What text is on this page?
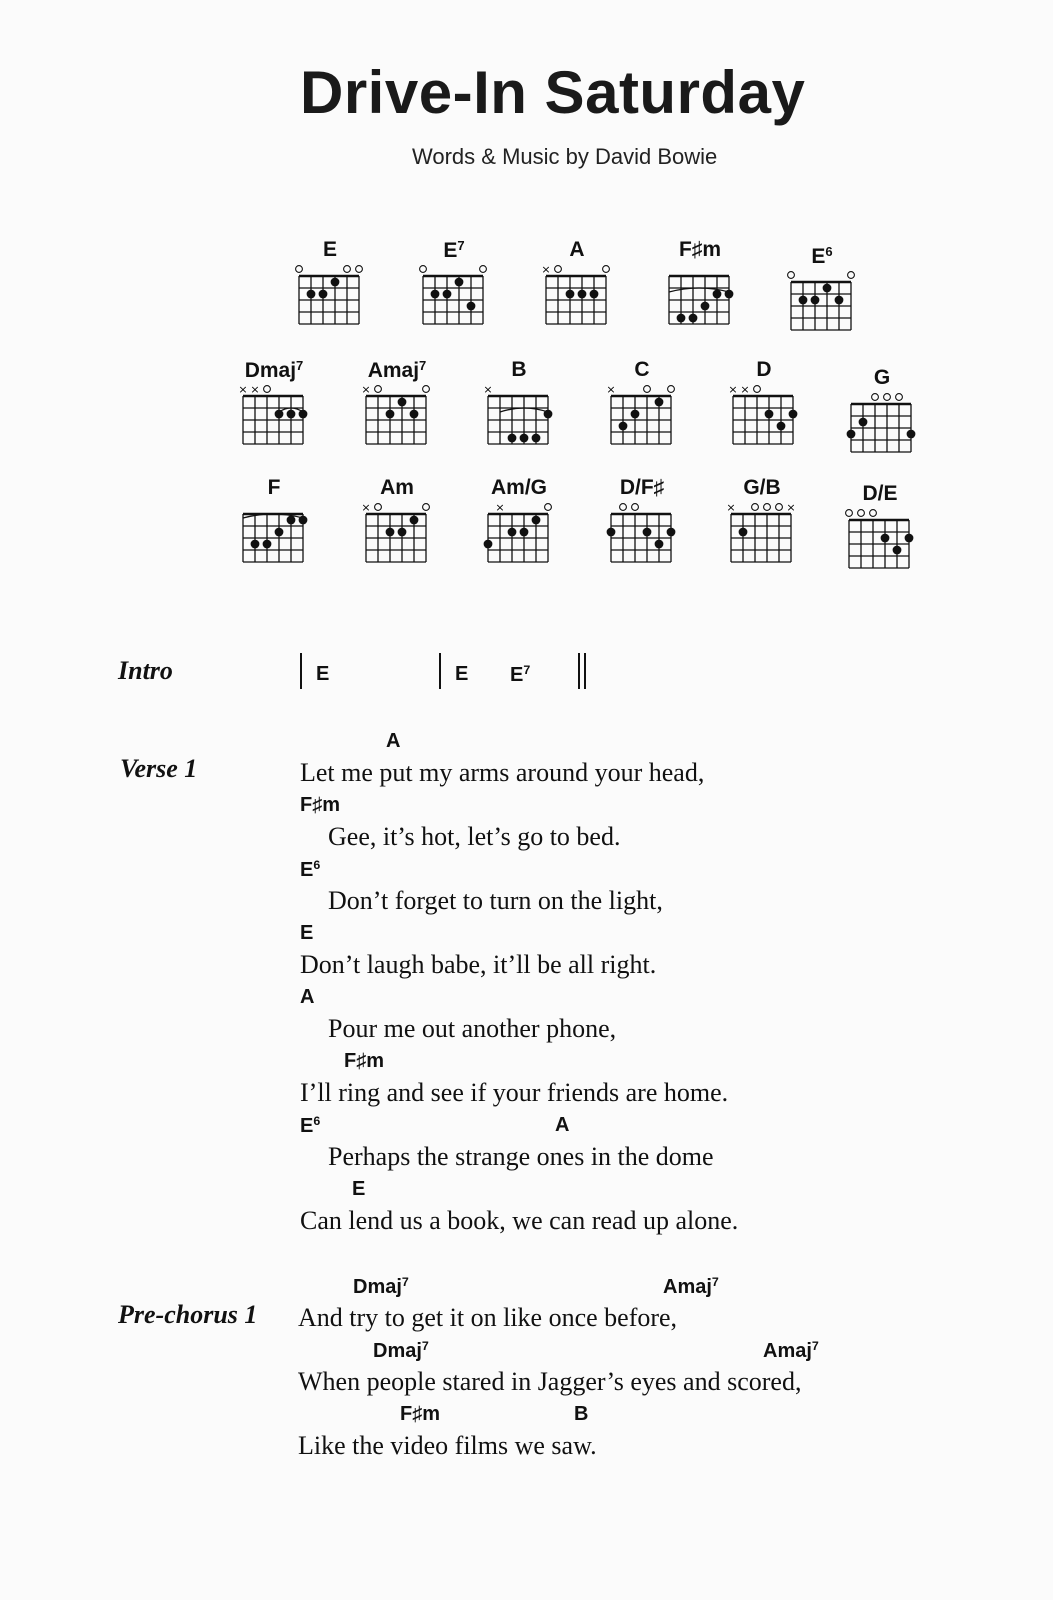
Drive-In Saturday
Words & Music by David Bowie
E	$E^7$	A
×
F♯m	$E^6$
Dmaj$^7$
× ×
Amaj$^7$
×
B
×
C
×
D
× ×
G
F	Am
×
Am/G
×
D/F♯	G/B
×	×
D/E
Intro	E	E $E^7$
Verse 1	Let me put my arms around your head,
A
Gee, it’s hot, let’s go to bed.
F♯m
Don’t forget to turn on the light,
$E^6$
Don’t laugh babe, it’ll be all right.
E
Pour me out another phone,
A
I’ll ring and see if your friends are home.
F♯m
Perhaps the strange ones in the dome
$E^6$	A
Can lend us a book, we can read up alone.
E
Pre-chorus 1 And try to get it on like once before,
Dmaj$^7$	Amaj$^7$
When people stared in Jagger’s eyes and scored,
Dmaj$^7$	Amaj$^7$
Like the video films we saw.
F♯m	B
